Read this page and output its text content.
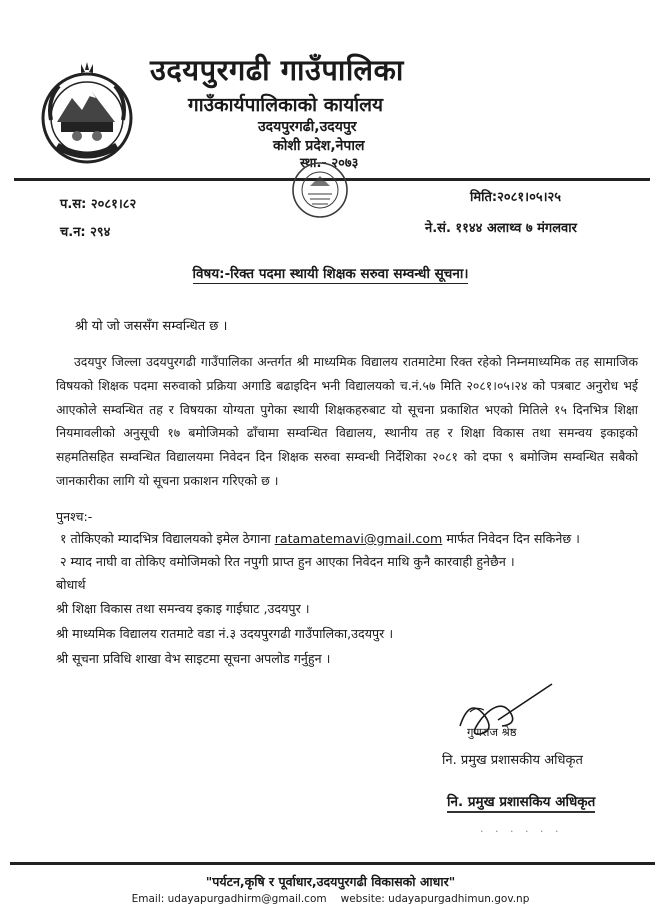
उदयपुरगढी गाउँपालिका
गाउँकार्यपालिकाको कार्यालय
उदयपुरगढी,उदयपुर
कोशी प्रदेश,नेपाल
स्था.- २०७३
प.स: २०८१।८२
च.न: २९४
मिति:२०८१।०५।२५
ने.सं. ११४४ अलाथ्व ७ मंगलवार
विषय:-रिक्त पदमा स्थायी शिक्षक सरुवा सम्वन्धी सूचना।
श्री यो जो जससँग सम्वन्धित छ ।
उदयपुर जिल्ला उदयपुरगढी गाउँपालिका अन्तर्गत श्री माध्यमिक विद्यालय रातमाटेमा रिक्त रहेको निम्नमाध्यमिक तह सामाजिक विषयको शिक्षक पदमा सरुवाको प्रक्रिया अगाडि बढाइदिन भनी विद्यालयको च.नं.५७ मिति २०८१।०५।२४ को पत्रबाट अनुरोध भई आएकोले सम्वन्धित तह र विषयका योग्यता पुगेका स्थायी शिक्षकहरुबाट यो सूचना प्रकाशित भएको मितिले १५ दिनभित्र शिक्षा नियमावलीको अनुसूची १७ बमोजिमको ढाँचामा सम्वन्धित विद्यालय, स्थानीय तह र शिक्षा विकास तथा समन्वय इकाइको सहमतिसहित सम्वन्धित विद्यालयमा निवेदन दिन शिक्षक सरुवा सम्वन्धी निर्देशिका २०८१ को दफा ९ बमोजिम सम्वन्धित सबैको जानकारीका लागि यो सूचना प्रकाशन गरिएको छ ।
पुनश्च:-
१ तोकिएको म्यादभित्र विद्यालयको इमेल ठेगाना ratamatemavi@gmail.com मार्फत निवेदन दिन सकिनेछ ।
२ म्याद नाघी वा तोकिए वमोजिमको रित नपुगी प्राप्त हुन आएका निवेदन माथि कुनै कारवाही हुनेछैन ।
बोधार्थ
श्री शिक्षा विकास तथा समन्वय इकाइ गाईघाट ,उदयपुर ।
श्री माध्यमिक विद्यालय रातमाटे वडा नं.३ उदयपुरगढी गाउँपालिका,उदयपुर ।
श्री सूचना प्रविधि शाखा वेभ साइटमा सूचना अपलोड गर्नुहुन ।
गुणराज श्रेष्ठ
नि. प्रमुख प्रशासकीय अधिकृत
नि. प्रमुख प्रशासकिय अधिकृत
· · · · · ·
"पर्यटन,कृषि र पूर्वाधार,उदयपुरगढी विकासको आधार"
Email: udayapurgadhirm@gmail.com website: udayapurgadhimun.gov.np
